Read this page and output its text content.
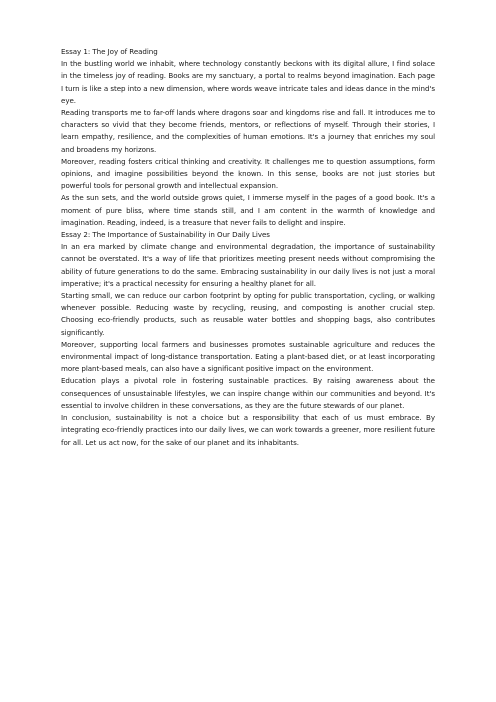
Essay 1: The Joy of Reading

In the bustling world we inhabit, where technology constantly beckons with its digital allure, I find solace in the timeless joy of reading. Books are my sanctuary, a portal to realms beyond imagination. Each page I turn is like a step into a new dimension, where words weave intricate tales and ideas dance in the mind's eye.

Reading transports me to far-off lands where dragons soar and kingdoms rise and fall. It introduces me to characters so vivid that they become friends, mentors, or reflections of myself. Through their stories, I learn empathy, resilience, and the complexities of human emotions. It's a journey that enriches my soul and broadens my horizons.

Moreover, reading fosters critical thinking and creativity. It challenges me to question assumptions, form opinions, and imagine possibilities beyond the known. In this sense, books are not just stories but powerful tools for personal growth and intellectual expansion.

As the sun sets, and the world outside grows quiet, I immerse myself in the pages of a good book. It's a moment of pure bliss, where time stands still, and I am content in the warmth of knowledge and imagination. Reading, indeed, is a treasure that never fails to delight and inspire.

Essay 2: The Importance of Sustainability in Our Daily Lives

In an era marked by climate change and environmental degradation, the importance of sustainability cannot be overstated. It's a way of life that prioritizes meeting present needs without compromising the ability of future generations to do the same. Embracing sustainability in our daily lives is not just a moral imperative; it's a practical necessity for ensuring a healthy planet for all.

Starting small, we can reduce our carbon footprint by opting for public transportation, cycling, or walking whenever possible. Reducing waste by recycling, reusing, and composting is another crucial step. Choosing eco-friendly products, such as reusable water bottles and shopping bags, also contributes significantly.

Moreover, supporting local farmers and businesses promotes sustainable agriculture and reduces the environmental impact of long-distance transportation. Eating a plant-based diet, or at least incorporating more plant-based meals, can also have a significant positive impact on the environment.

Education plays a pivotal role in fostering sustainable practices. By raising awareness about the consequences of unsustainable lifestyles, we can inspire change within our communities and beyond. It's essential to involve children in these conversations, as they are the future stewards of our planet.

In conclusion, sustainability is not a choice but a responsibility that each of us must embrace. By integrating eco-friendly practices into our daily lives, we can work towards a greener, more resilient future for all. Let us act now, for the sake of our planet and its inhabitants.
